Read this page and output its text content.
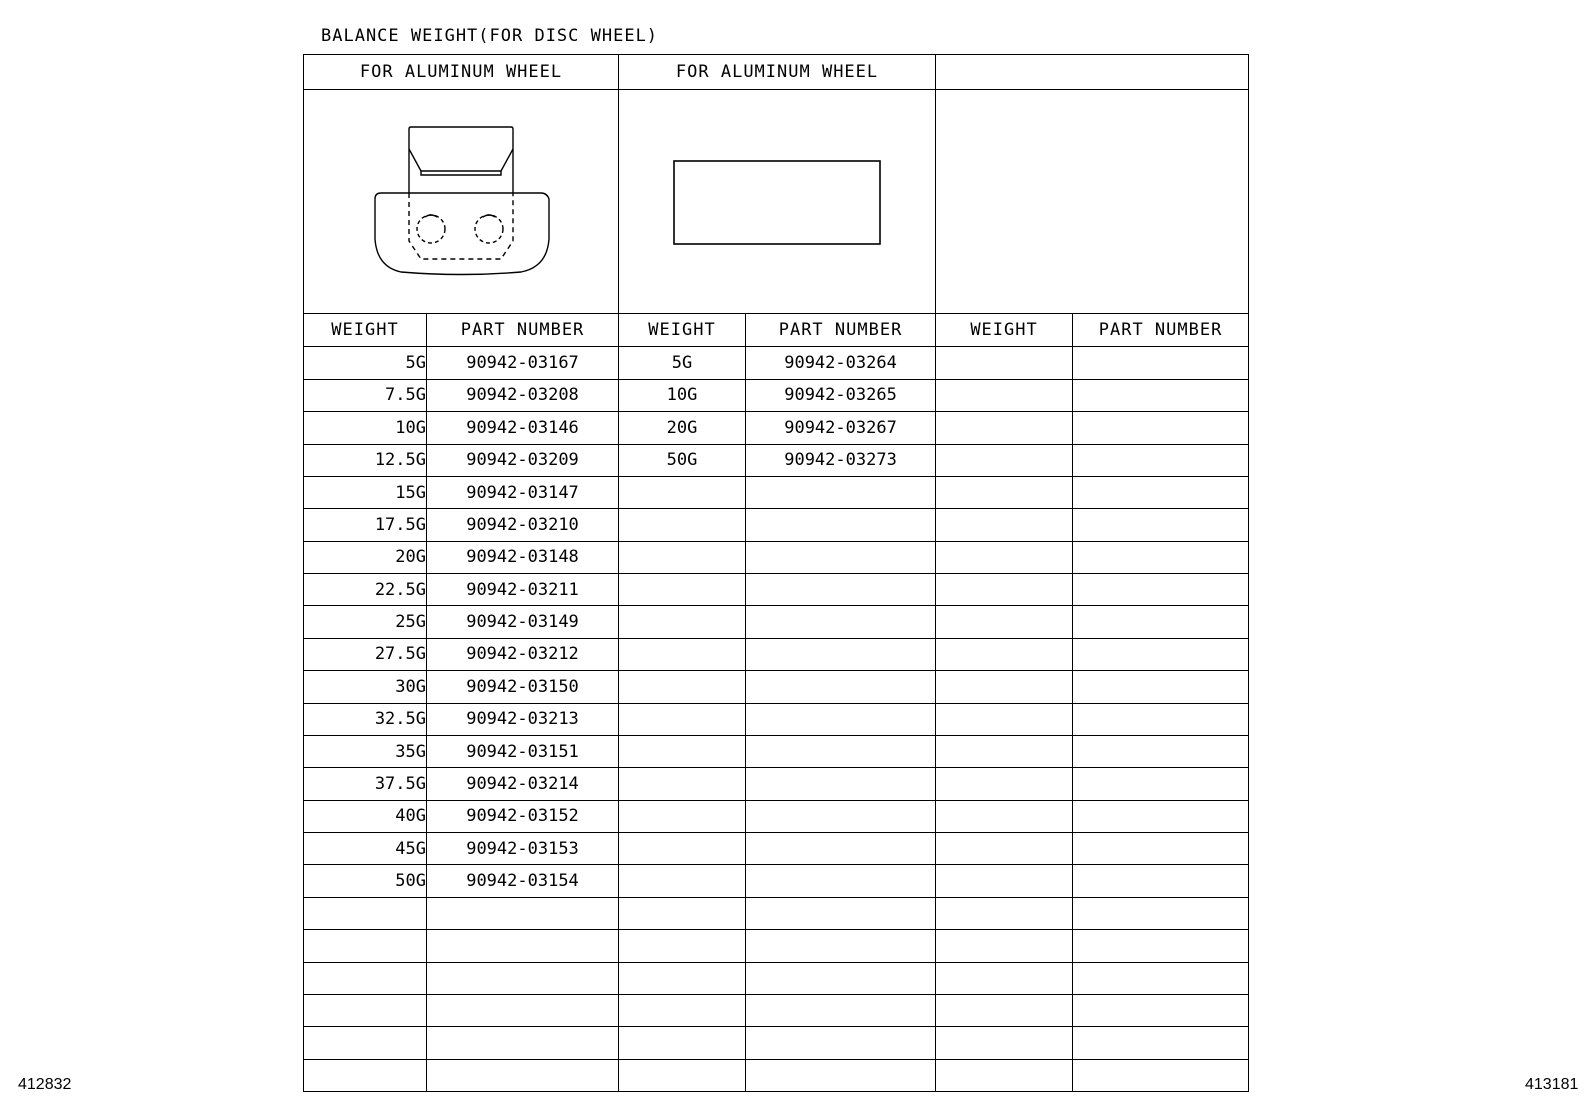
BALANCE WEIGHT(FOR DISC WHEEL)
FOR ALUMINUM WHEEL		FOR ALUMINUM WHEEL			

WEIGHT	PART NUMBER	WEIGHT	PART NUMBER	WEIGHT	PART NUMBER
5G	90942-03167	5G	90942-03264		
7.5G	90942-03208	10G	90942-03265		
10G	90942-03146	20G	90942-03267		
12.5G	90942-03209	50G	90942-03273		
15G	90942-03147				
17.5G	90942-03210				
20G	90942-03148				
22.5G	90942-03211				
25G	90942-03149				
27.5G	90942-03212				
30G	90942-03150				
32.5G	90942-03213				
35G	90942-03151				
37.5G	90942-03214				
40G	90942-03152				
45G	90942-03153				
50G	90942-03154				

412832	413181
